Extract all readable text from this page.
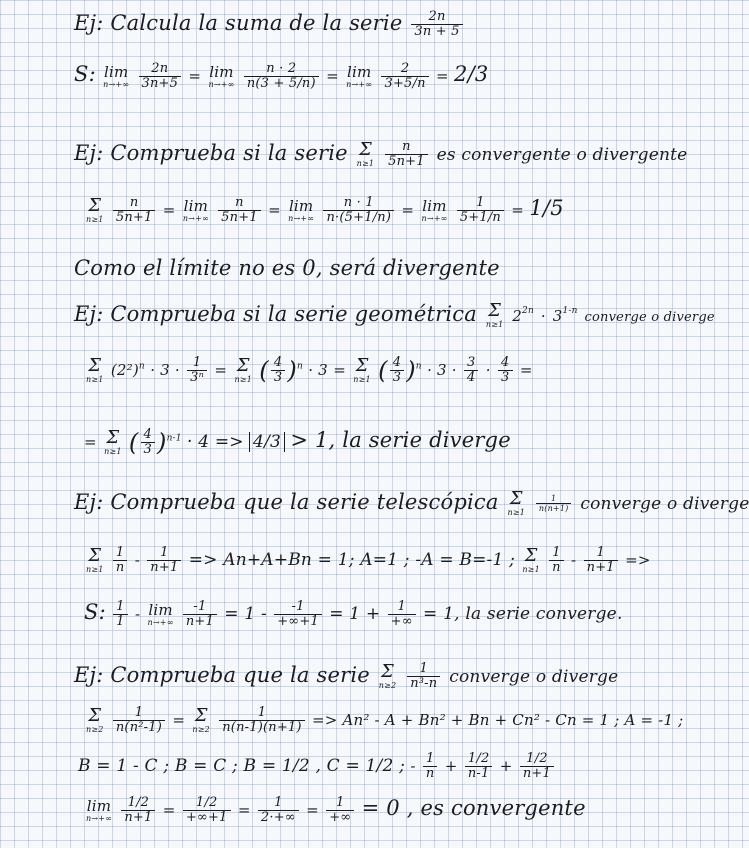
Ej: Calcula la suma de la serie $\frac{2n}{3n + 5}$
S: lim
n→+∞
$\frac{2n}{3n+5} = \lim$
n→+∞
$\frac{n \cdot 2}{n(3 + 5/n)} = \lim$
n→+∞
$\frac{2}{3+5/n} = 2/3$
Ej: Comprueba si la serie Σ
n≥1
$\frac{n}{5n+1}$ es convergente o divergente
Σ
n≥1
$\frac{n}{5n+1} = \lim$
n→+∞
$\frac{n}{5n+1} = \lim$
n→+∞
$\frac{n \cdot 1}{n\cdot(5+1/n)} = \lim$
n→+∞
$\frac{1}{5+1/n} = 1/5$
Como el límite no es 0, será divergente
Ej: Comprueba si la serie geométrica Σ
n≥1 $2^{2n} \cdot 3^{1-n}$ converge o diverge
Σ
n≥1
$(2^2)^n \cdot 3 \cdot \frac{1}{\text{3ⁿ}} = \Sigma$
n≥1 ( $\frac{4}{3} )^n \cdot 3 = \Sigma$
n≥1 ( $\frac{4}{3} )^n \cdot 3 \cdot \frac{3}{4} \cdot \frac{4}{3}$ =
= Σ
n≥1 ( $\frac{4}{3} )^{n-1} \cdot 4 => 4/3 > 1$, la serie diverge
Ej: Comprueba que la serie telescópica Σ
n≥1
$\frac{1}{n(n+1)}$ converge o diverge
Σ
n≥1
$\frac{1}{n} - \frac{1}{n+1} => An+A+Bn = 1$; A=1 ; -A = B=-1 ; Σ
n≥1
$\frac{1}{n} - \frac{1}{n+1}$ =>
S: $\frac{1}{1}$ - lim
n→+∞
$\frac{-1}{n+1} = 1 - \frac{-1}{+\infty+1} = 1 + \frac{1}{+\infty} = 1$, la serie converge.
Ej: Comprueba que la serie Σ
n≥2
$\frac{1}{\text{n³-n}}$ converge o diverge
Σ
n≥2
$\frac{1}{\text{n(n²-1)}} = \Sigma$
n≥2
$\frac{1}{n(n-1)(n+1)} => An^2 - A + Bn^2 + Bn + Cn^2 - Cn = 1$ ; A = -1 ;
B = 1 - C ; B = C ; B = 1/2 , C = 1/2 ; - $\frac{1}{n} + \frac{1/2}{n-1} + \frac{1/2}{n+1}$
lim
n→+∞
$\frac{1/2}{n+1} = \frac{1/2}{+\infty+1} = \frac{1}{2\cdot+\infty} = \frac{1}{+\infty} = 0$ , es convergente
